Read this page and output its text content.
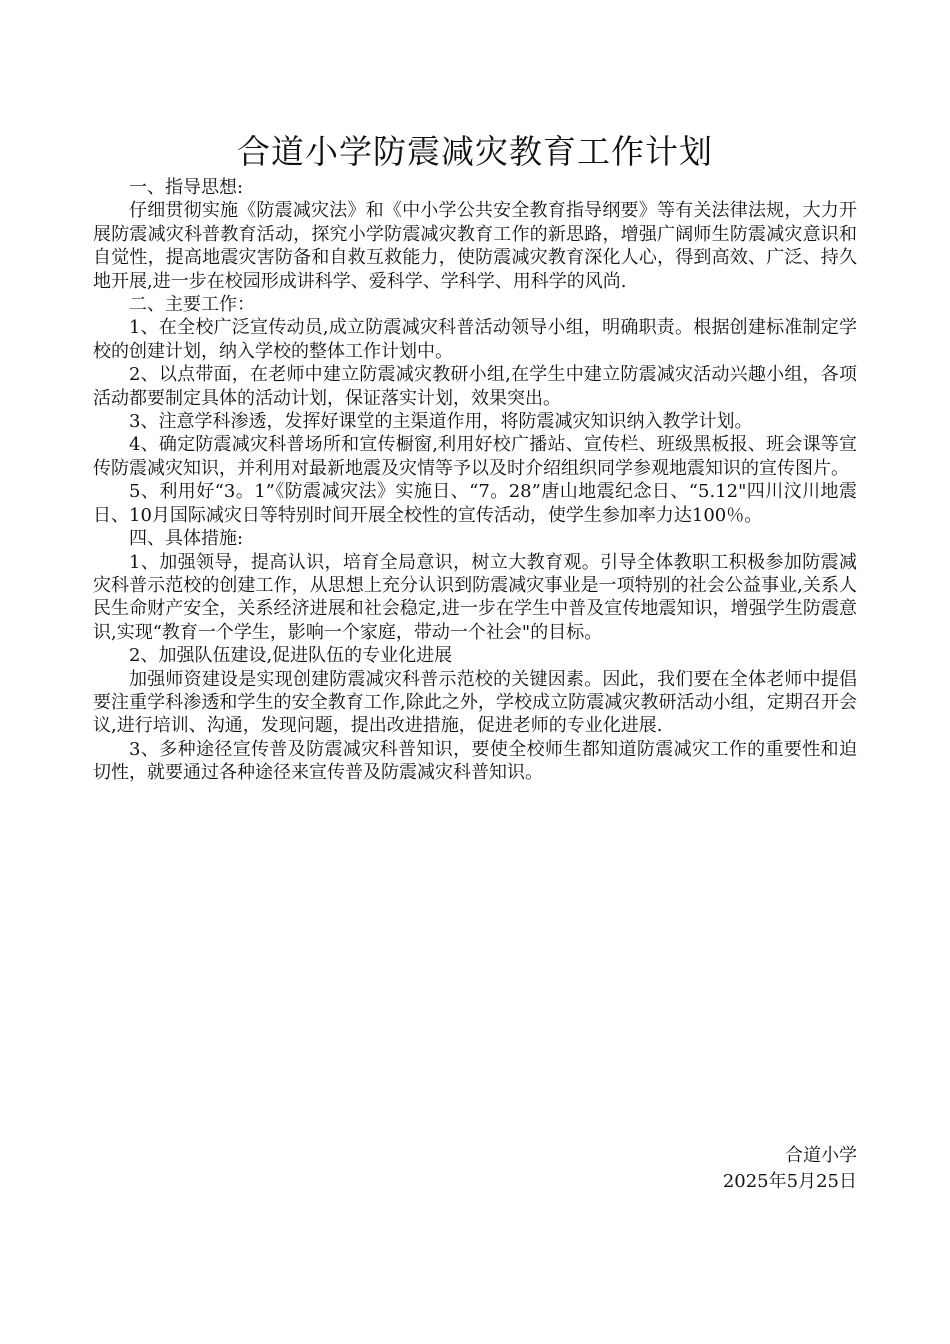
合道小学防震减灾教育工作计划

一、指导思想:

仔细贯彻实施《防震减灾法》和《中小学公共安全教育指导纲要》等有关法律法规，大力开展防震减灾科普教育活动，探究小学防震减灾教育工作的新思路，增强广阔师生防震减灾意识和自觉性，提高地震灾害防备和自救互救能力，使防震减灾教育深化人心，得到高效、广泛、持久地开展,进一步在校园形成讲科学、爱科学、学科学、用科学的风尚.

二、主要工作：

1、在全校广泛宣传动员,成立防震减灾科普活动领导小组，明确职责。根据创建标准制定学校的创建计划，纳入学校的整体工作计划中。

2、以点带面，在老师中建立防震减灾教研小组,在学生中建立防震减灾活动兴趣小组，各项活动都要制定具体的活动计划，保证落实计划，效果突出。

3、注意学科渗透，发挥好课堂的主渠道作用，将防震减灾知识纳入教学计划。

4、确定防震减灾科普场所和宣传橱窗,利用好校广播站、宣传栏、班级黑板报、班会课等宣传防震减灾知识，并利用对最新地震及灾情等予以及时介绍组织同学参观地震知识的宣传图片。

5、利用好“3。1”《防震减灾法》实施日、“7。28”唐山地震纪念日、“5.12"四川汶川地震日、10月国际减灾日等特别时间开展全校性的宣传活动，使学生参加率力达100％。

四、具体措施:

1、加强领导，提高认识，培育全局意识，树立大教育观。引导全体教职工积极参加防震减灾科普示范校的创建工作，从思想上充分认识到防震减灾事业是一项特别的社会公益事业,关系人民生命财产安全，关系经济进展和社会稳定,进一步在学生中普及宣传地震知识，增强学生防震意识,实现“教育一个学生，影响一个家庭，带动一个社会"的目标。

2、加强队伍建设,促进队伍的专业化进展

加强师资建设是实现创建防震减灾科普示范校的关键因素。因此，我们要在全体老师中提倡要注重学科渗透和学生的安全教育工作,除此之外，学校成立防震减灾教研活动小组，定期召开会议,进行培训、沟通，发现问题，提出改进措施，促进老师的专业化进展.

3、多种途径宣传普及防震减灾科普知识，要使全校师生都知道防震减灾工作的重要性和迫切性，就要通过各种途径来宣传普及防震减灾科普知识。

合道小学
2025年5月25日
